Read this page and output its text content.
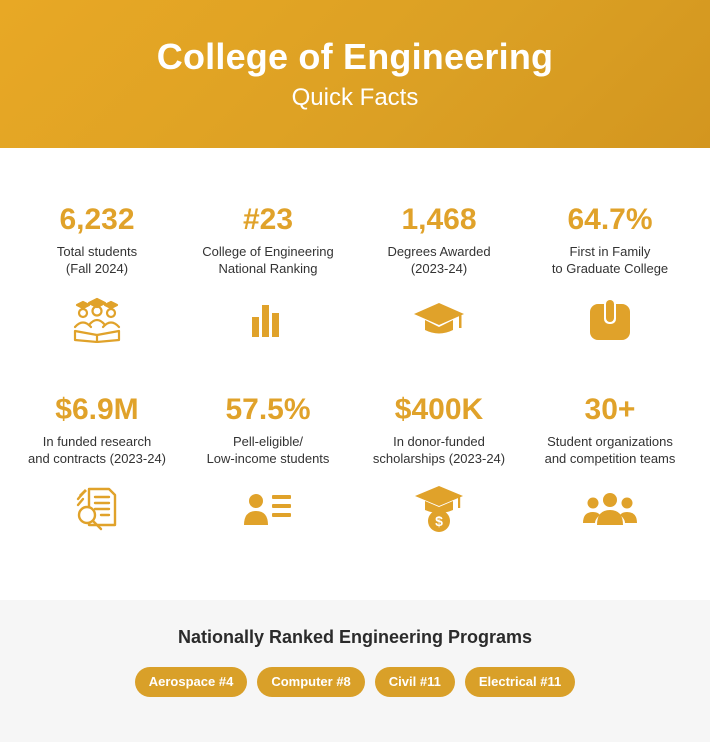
College of Engineering
Quick Facts
6,232
Total students
(Fall 2024)
#23
College of Engineering
National Ranking
1,468
Degrees Awarded
(2023-24)
64.7%
First in Family
to Graduate College
$6.9M
In funded research
and contracts (2023-24)
57.5%
Pell-eligible/
Low-income students
$400K
In donor-funded
scholarships (2023-24)
$
30+
Student organizations
and competition teams
Nationally Ranked Engineering Programs
Aerospace #4	Computer #8	Civil #11	Electrical #11
